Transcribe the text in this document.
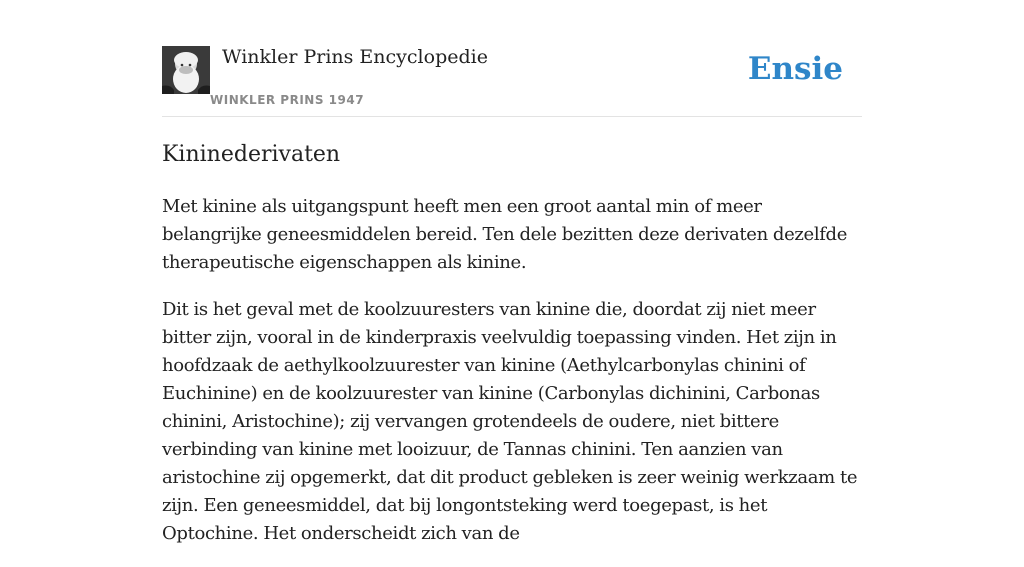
Winkler Prins Encyclopedie
WINKLER PRINS 1947
Ensie
Kininederivaten

Met kinine als uitgangspunt heeft men een groot aantal min of meer belangrijke geneesmiddelen bereid. Ten dele bezitten deze derivaten dezelfde therapeutische eigenschappen als kinine.

Dit is het geval met de koolzuuresters van kinine die, doordat zij niet meer bitter zijn, vooral in de kinderpraxis veelvuldig toepassing vinden. Het zijn in hoofdzaak de aethylkoolzuurester van kinine (Aethylcarbonylas chinini of Euchinine) en de koolzuurester van kinine (Carbonylas dichinini, Carbonas chinini, Aristochine); zij vervangen grotendeels de oudere, niet bittere verbinding van kinine met looizuur, de Tannas chinini. Ten aanzien van aristochine zij opgemerkt, dat dit product gebleken is zeer weinig werkzaam te zijn. Een geneesmiddel, dat bij longontsteking werd toegepast, is het Optochine. Het onderscheidt zich van de
